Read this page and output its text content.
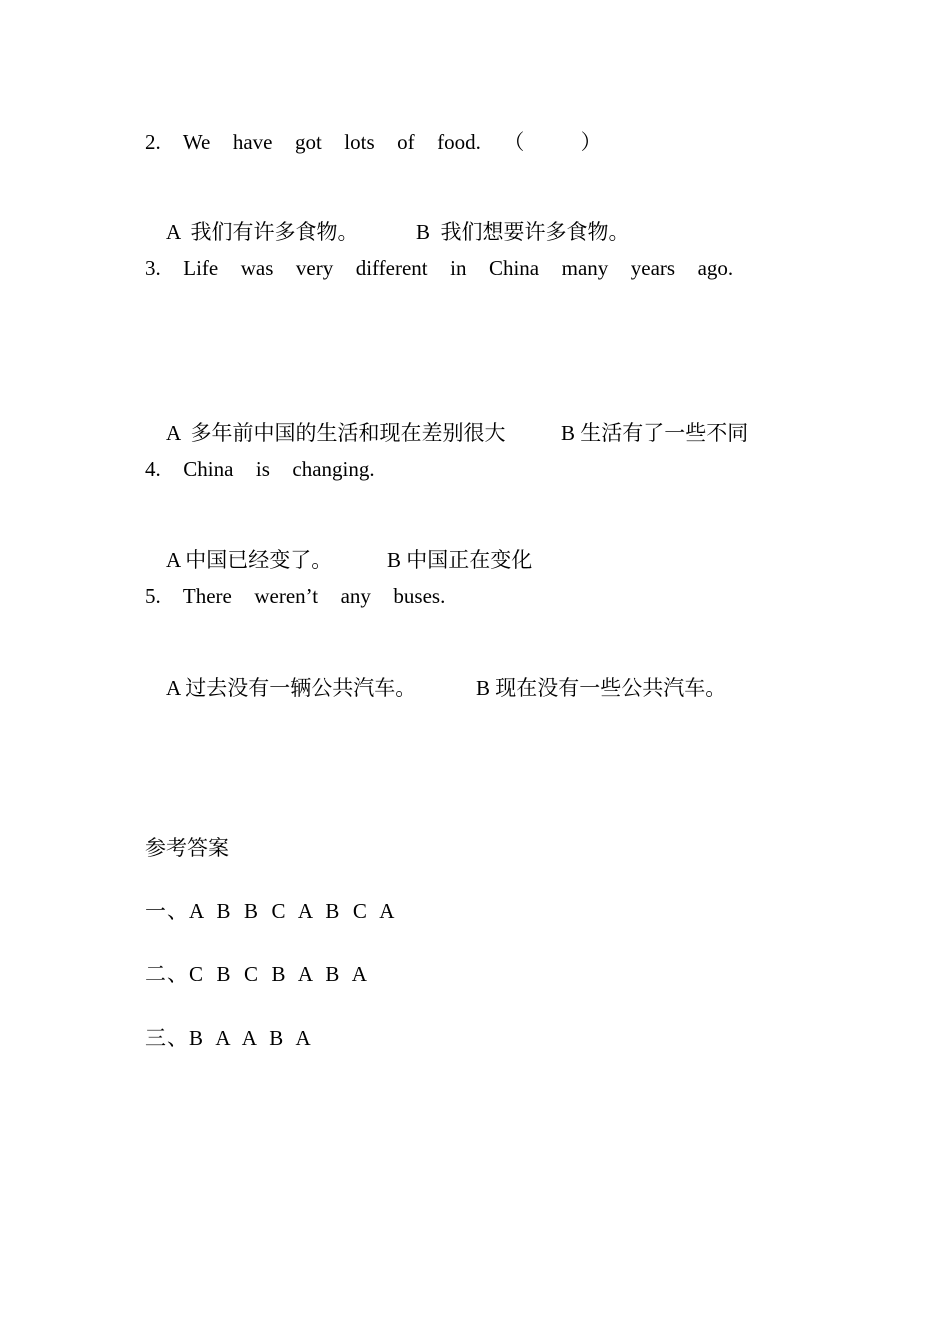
2.  We  have  got  lots  of  food.  （     ）

A  我们有许多食物。	B  我们想要许多食物。

3.  Life  was  very  different  in  China  many  years  ago.

A  多年前中国的生活和现在差别很大	B 生活有了一些不同

4.  China  is  changing.

A 中国已经变了。	B 中国正在变化

5.  There  weren’t  any  buses.

A 过去没有一辆公共汽车。	B 现在没有一些公共汽车。

参考答案
一、A  B  B  C  A  B  C  A
二、C  B  C  B  A  B  A
三、B  A  A  B  A
